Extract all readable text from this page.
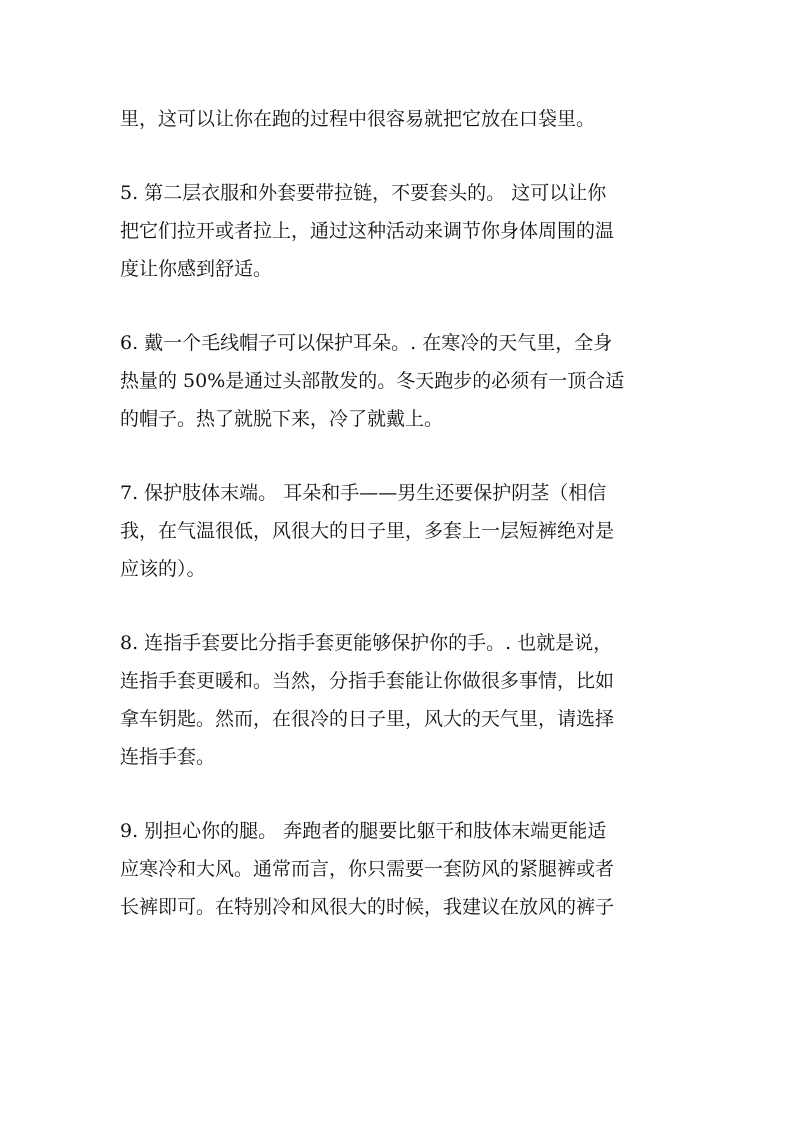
里，这可以让你在跑的过程中很容易就把它放在口袋里。
5. 第二层衣服和外套要带拉链，不要套头的。 这可以让你
把它们拉开或者拉上，通过这种活动来调节你身体周围的温
度让你感到舒适。
6. 戴一个毛线帽子可以保护耳朵。. 在寒冷的天气里，全身
热量的 50%是通过头部散发的。冬天跑步的必须有一顶合适
的帽子。热了就脱下来，冷了就戴上。
7. 保护肢体末端。 耳朵和手——男生还要保护阴茎（相信
我，在气温很低，风很大的日子里，多套上一层短裤绝对是
应该的）。
8. 连指手套要比分指手套更能够保护你的手。. 也就是说，
连指手套更暖和。当然，分指手套能让你做很多事情，比如
拿车钥匙。然而，在很冷的日子里，风大的天气里，请选择
连指手套。
9. 别担心你的腿。 奔跑者的腿要比躯干和肢体末端更能适
应寒冷和大风。通常而言，你只需要一套防风的紧腿裤或者
长裤即可。在特别冷和风很大的时候，我建议在放风的裤子
